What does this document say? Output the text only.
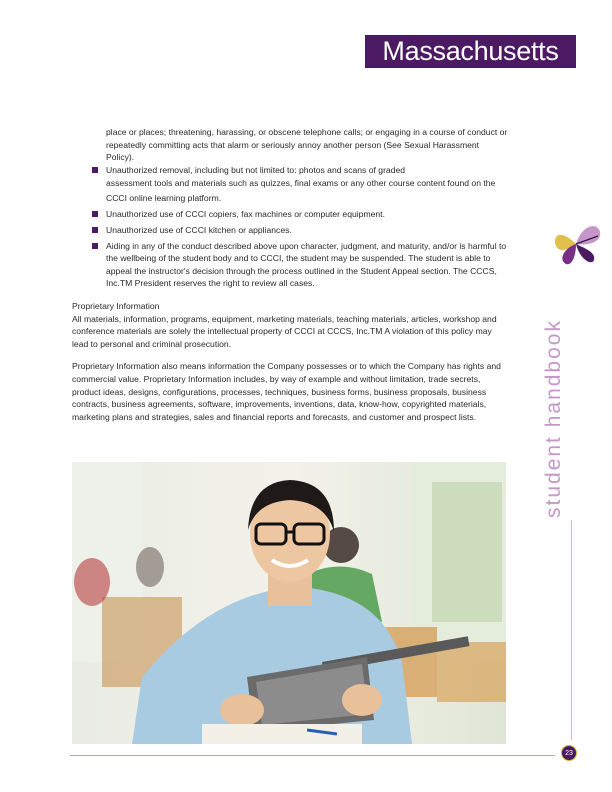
Massachusetts

place or places; threatening, harassing, or obscene telephone calls; or engaging in a course of conduct or repeatedly committing acts that alarm or seriously annoy another person (See Sexual Harassment Policy).

Unauthorized removal, including but not limited to: photos and scans of graded
assessment tools and materials such as quizzes, final exams or any other course content found on the CCCI online learning platform.

Unauthorized use of CCCI copiers, fax machines or computer equipment.

Unauthorized use of CCCI kitchen or appliances.

Aiding in any of the conduct described above upon character, judgment, and maturity, and/or is harmful to the wellbeing of the student body and to CCCI, the student may be suspended. The student is able to appeal the instructor's decision through the process outlined in the Student Appeal section. The CCCS, Inc.TM President reserves the right to review all cases.

Proprietary Information

All materials, information, programs, equipment, marketing materials, teaching materials, articles, workshop and conference materials are solely the intellectual property of CCCI at CCCS, Inc.TM A violation of this policy may lead to personal and criminal prosecution.

Proprietary Information also means information the Company possesses or to which the Company has rights and commercial value. Proprietary Information includes, by way of example and without limitation, trade secrets, product ideas, designs, configurations, processes, techniques, business forms, business proposals, business contracts, business agreements, software, improvements, inventions, data, know-how, copyrighted materials, marketing plans and strategies, sales and financial reports and forecasts, and customer and prospect lists.	student handbook
23
